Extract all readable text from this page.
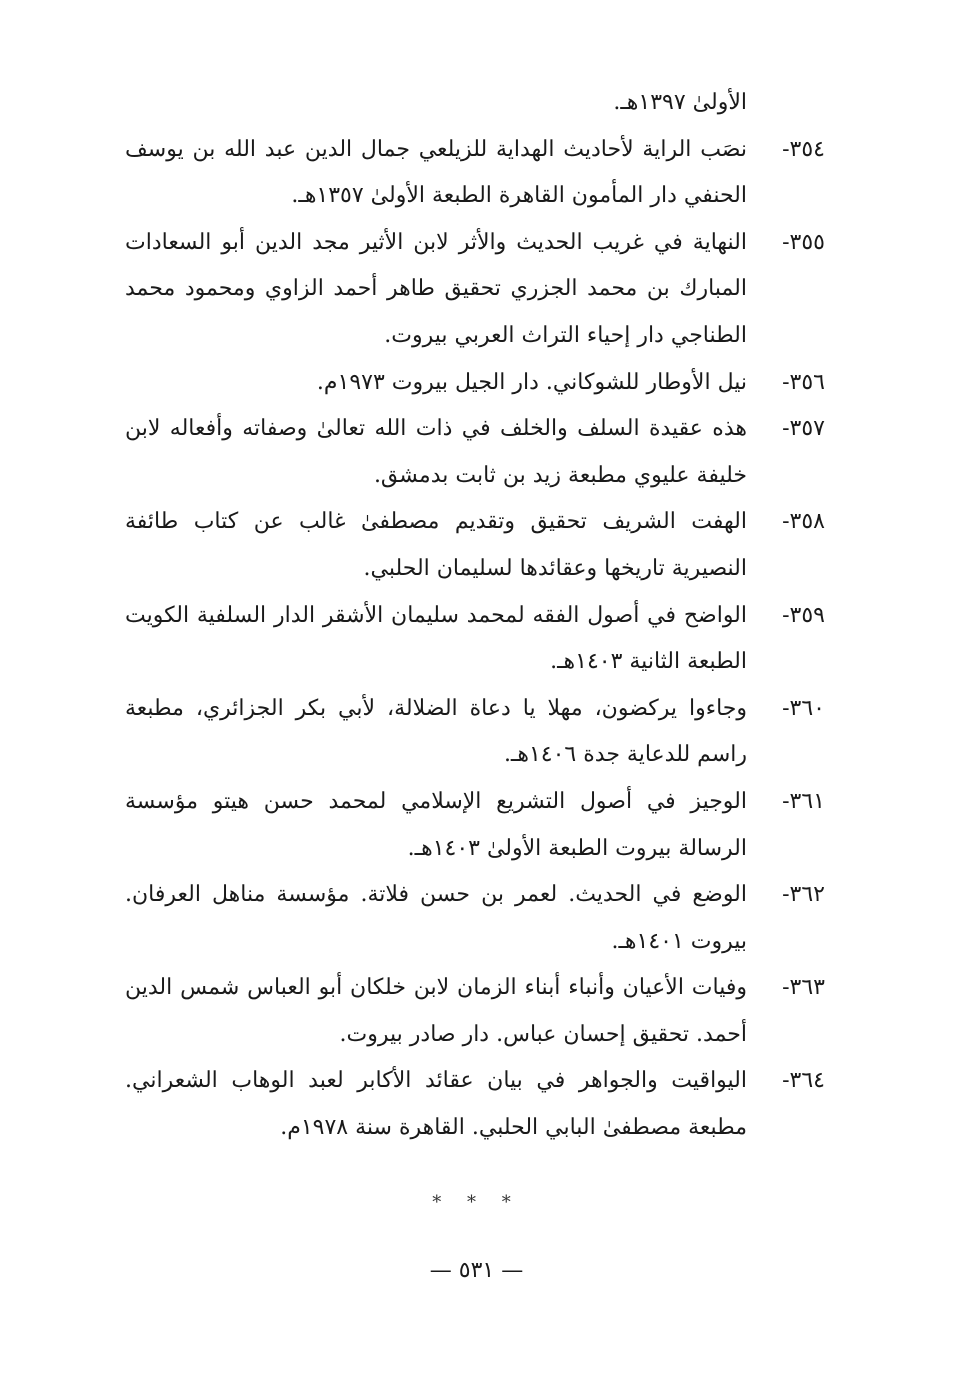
الأولىٰ ١٣٩٧هـ.
٣٥٤-
نصَب الراية لأحاديث الهداية للزيلعي جمال الدين عبد الله بن يوسف الحنفي دار المأمون القاهرة الطبعة الأولىٰ ١٣٥٧هـ.
٣٥٥-
النهاية في غريب الحديث والأثر لابن الأثير مجد الدين أبو السعادات المبارك بن محمد الجزري تحقيق طاهر أحمد الزاوي ومحمود محمد الطناجي دار إحياء التراث العربي بيروت.
٣٥٦-
نيل الأوطار للشوكاني. دار الجيل بيروت ١٩٧٣م.
٣٥٧-
هذه عقيدة السلف والخلف في ذات الله تعالىٰ وصفاته وأفعاله لابن خليفة عليوي مطبعة زيد بن ثابت بدمشق.
٣٥٨-
الهفت الشريف تحقيق وتقديم مصطفىٰ غالب عن كتاب طائفة النصيرية تاريخها وعقائدها لسليمان الحلبي.
٣٥٩-
الواضح في أصول الفقه لمحمد سليمان الأشقر الدار السلفية الكويت الطبعة الثانية ١٤٠٣هـ.
٣٦٠-
وجاءوا يركضون، مهلا يا دعاة الضلالة، لأبي بكر الجزائري، مطبعة راسم للدعاية جدة ١٤٠٦هـ.
٣٦١-
الوجيز في أصول التشريع الإسلامي لمحمد حسن هيتو مؤسسة الرسالة بيروت الطبعة الأولىٰ ١٤٠٣هـ.
٣٦٢-
الوضع في الحديث. لعمر بن حسن فلاتة. مؤسسة مناهل العرفان. بيروت ١٤٠١هـ.
٣٦٣-
وفيات الأعيان وأنباء أبناء الزمان لابن خلكان أبو العباس شمس الدين أحمد. تحقيق إحسان عباس. دار صادر بيروت.
٣٦٤-
اليواقيت والجواهر في بيان عقائد الأكابر لعبد الوهاب الشعراني. مطبعة مصطفىٰ البابي الحلبي. القاهرة سنة ١٩٧٨م.
* * *
— ٥٣١ —
